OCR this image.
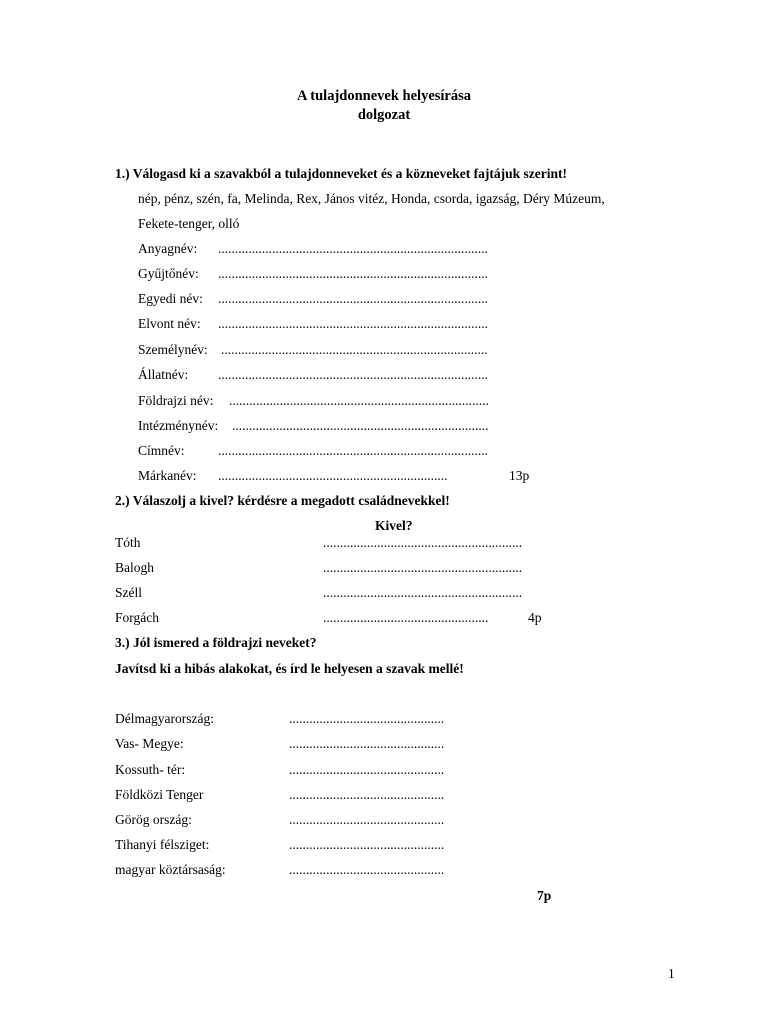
A tulajdonnevek helyesírása
dolgozat
1.) Válogasd ki a szavakból a tulajdonneveket és a közneveket fajtájuk szerint!
nép, pénz, szén, fa, Melinda, Rex, János vitéz, Honda, csorda, igazság, Déry Múzeum,
Fekete-tenger, olló
Anyagnév: ................................................................................
Gyűjtőnév: ................................................................................
Egyedi név: ................................................................................
Elvont név: ................................................................................
Személynév: ...............................................................................
Állatnév: ................................................................................
Földrajzi név: .............................................................................
Intézménynév: ............................................................................
Címnév: ................................................................................
Márkanév: ....................................................................	13p
2.) Válaszolj a kivel? kérdésre a megadott családnevekkel!
Kivel?
Tóth	...........................................................
Balogh	...........................................................
Széll	...........................................................
Forgách	.................................................	4p
3.) Jól ismered a földrajzi neveket?
Javítsd ki a hibás alakokat, és írd le helyesen a szavak mellé!
Délmagyarország:	..............................................
Vas- Megye:	..............................................
Kossuth- tér:	..............................................
Földközi Tenger	..............................................
Görög ország:	..............................................
Tihanyi félsziget:	..............................................
magyar köztársaság:	..............................................
7p
1
